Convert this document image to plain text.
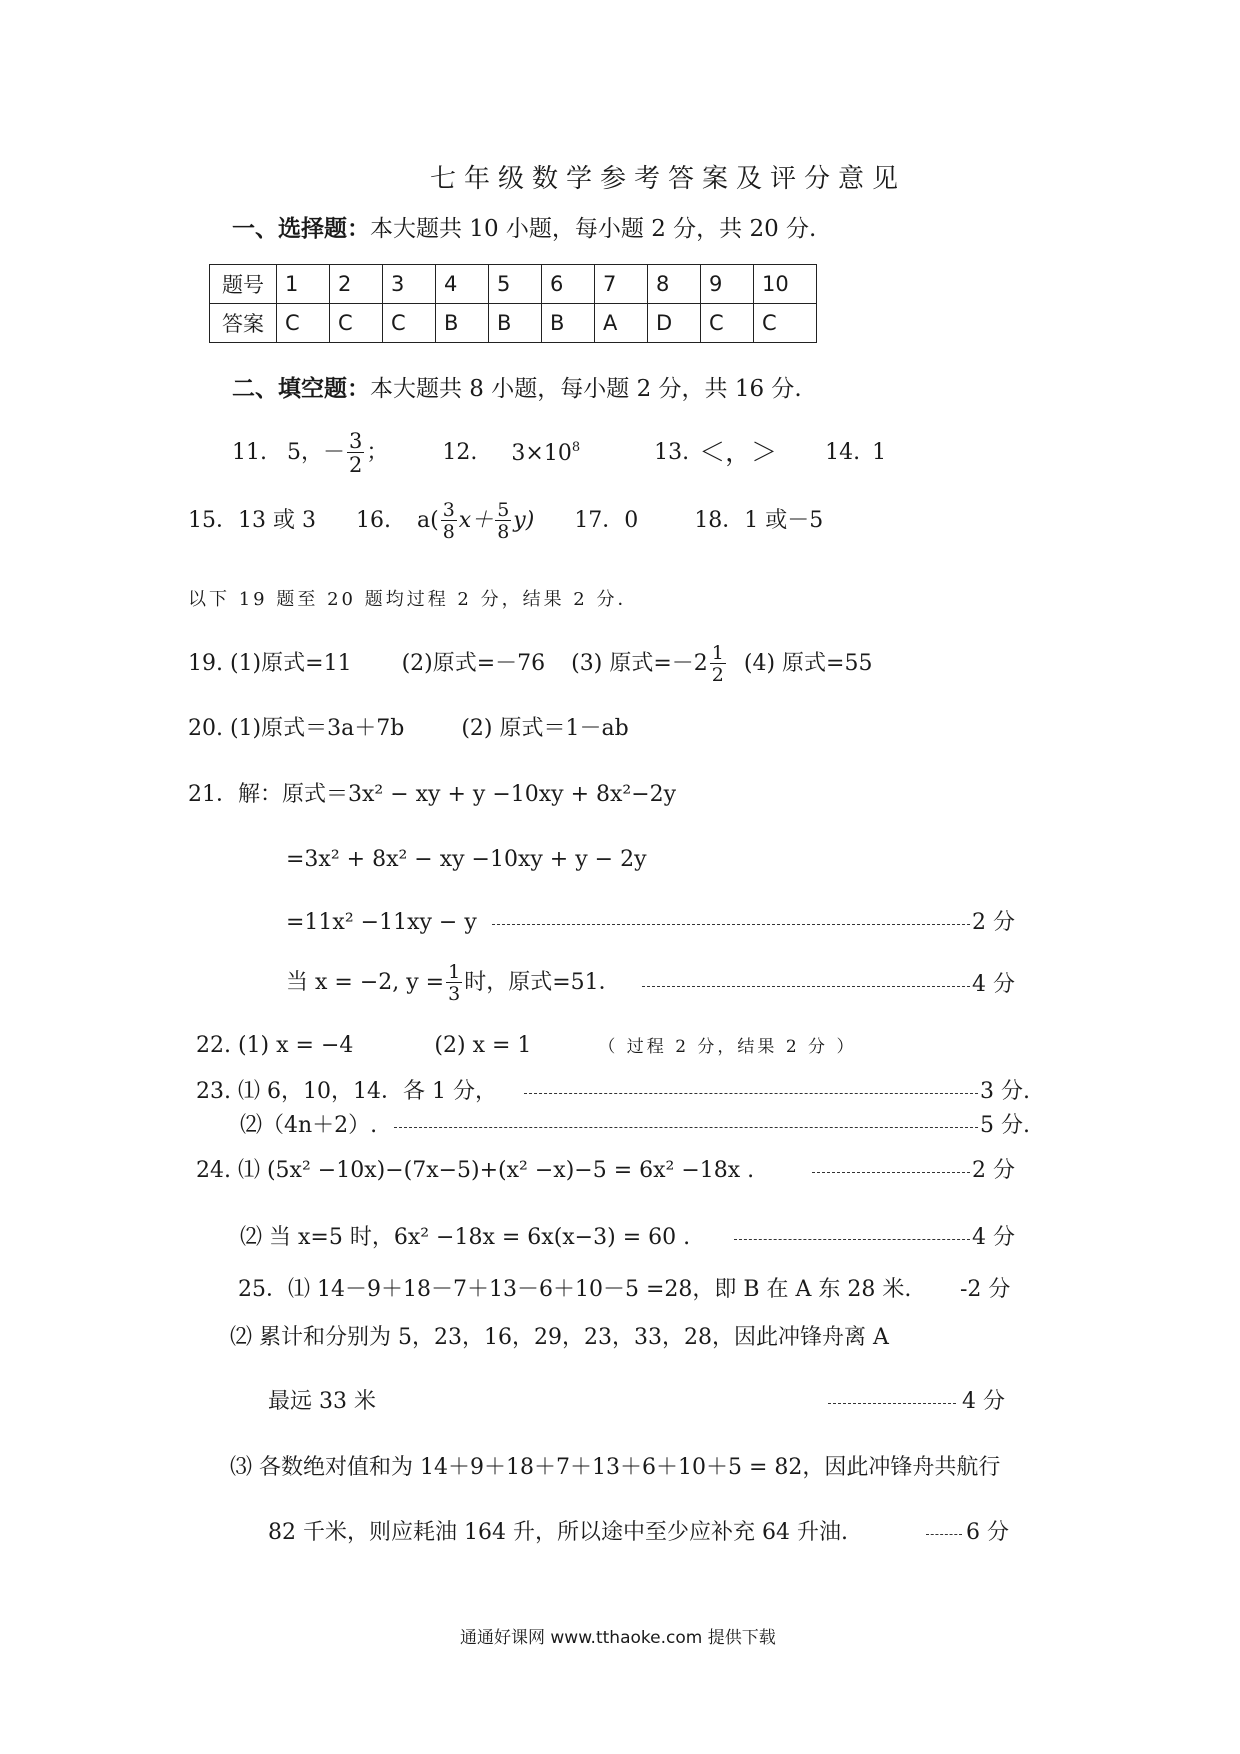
七年级数学参考答案及评分意见
一、选择题：本大题共 10 小题，每小题 2 分，共 20 分.
题号	1	2	3	4	5	6	7	8	9	10
答案	C	C	C	B	B	B	A	D	C	C
二、填空题：本大题共 8 小题，每小题 2 分，共 16 分.
11. 5，－ $\frac{3}{2}$ ； 12. $3\times 10^8$	13. ＜，＞ 14. 1
15．13 或 3 16. $a( \frac{3}{8} x+ \frac{5}{8} y)$ 17．0	18．1 或－5
以下 19 题至 20 题均过程 2 分，结果 2 分．
19. (1)原式=11 (2)原式=－76 (3) 原式$=-2 \frac{1}{2} (4)$ 原式=55
20. (1)原式＝3a＋7b	(2) 原式＝1－ab
21．解：原式＝3x² − xy + y −10xy + 8x²−2y
=3x² + 8x² − xy −10xy + y − 2y
=11x² −11xy − y	2 分
当 x = −2, $y = \frac{1}{3}$ 时，原式=51．	4 分
22. (1) x = −4	(2) x = 1	（ 过程 2 分，结果 2 分 ）
23. ⑴ 6，10，14．各 1 分，	3 分.
⑵（4n＋2）.	5 分.
24. ⑴ (5x² −10x)−(7x−5)+(x² −x)−5 = 6x² −18x .	2 分
⑵ 当 x=5 时，6x² −18x = 6x(x−3) = 60 .	4 分
25．⑴ 14－9＋18－7＋13－6＋10－5 =28，即 B 在 A 东 28 米. -2 分
⑵ 累计和分别为 5，23，16，29，23，33，28，因此冲锋舟离 A
最远 33 米	4 分
⑶ 各数绝对值和为 14＋9＋18＋7＋13＋6＋10＋5 = 82，因此冲锋舟共航行
82 千米，则应耗油 164 升，所以途中至少应补充 64 升油.	6 分
通通好课网 www.tthaoke.com 提供下载
